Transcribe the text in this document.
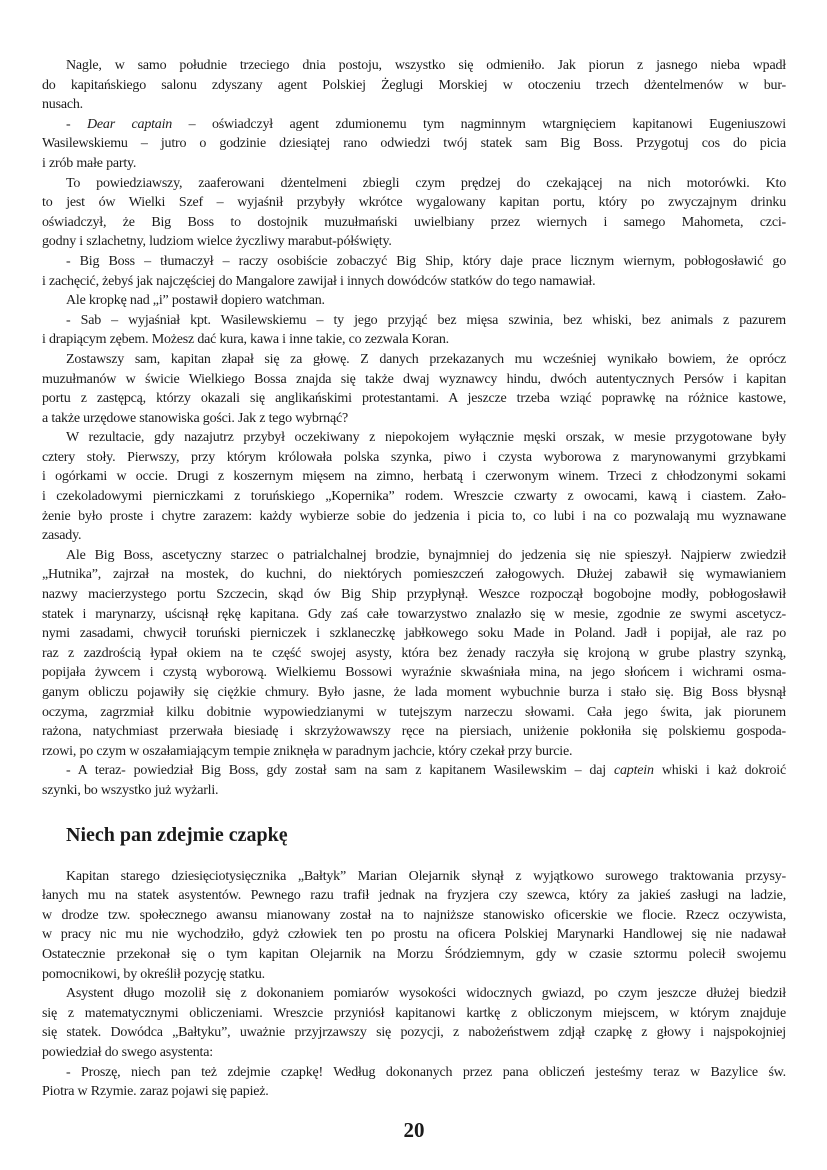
Nagle, w samo południe trzeciego dnia postoju, wszystko się odmieniło. Jak piorun z jasnego nieba wpadł
do kapitańskiego salonu zdyszany agent Polskiej Żeglugi Morskiej w otoczeniu trzech dżentelmenów w bur-
nusach.
- Dear captain – oświadczył agent zdumionemu tym nagminnym wtargnięciem kapitanowi Eugeniuszowi
Wasilewskiemu – jutro o godzinie dziesiątej rano odwiedzi twój statek sam Big Boss. Przygotuj cos do picia
i zrób małe party.
To powiedziawszy, zaaferowani dżentelmeni zbiegli czym prędzej do czekającej na nich motorówki. Kto
to jest ów Wielki Szef – wyjaśnił przybyły wkrótce wygalowany kapitan portu, który po zwyczajnym drinku
oświadczył, że Big Boss to dostojnik muzułmański uwielbiany przez wiernych i samego Mahometa, czci-
godny i szlachetny, ludziom wielce życzliwy marabut-półświęty.
- Big Boss – tłumaczył – raczy osobiście zobaczyć Big Ship, który daje prace licznym wiernym, pobłogosławić go
i zachęcić, żebyś jak najczęściej do Mangalore zawijał i innych dowódców statków do tego namawiał.
Ale kropkę nad „i” postawił dopiero watchman.
- Sab – wyjaśniał kpt. Wasilewskiemu – ty jego przyjąć bez mięsa szwinia, bez whiski, bez animals z pazurem
i drapiącym zębem. Możesz dać kura, kawa i inne takie, co zezwala Koran.
Zostawszy sam, kapitan złapał się za głowę. Z danych przekazanych mu wcześniej wynikało bowiem, że oprócz
muzułmanów w świcie Wielkiego Bossa znajda się także dwaj wyznawcy hindu, dwóch autentycznych Persów i kapitan
portu z zastępcą, którzy okazali się anglikańskimi protestantami. A jeszcze trzeba wziąć poprawkę na różnice kastowe,
a także urzędowe stanowiska gości. Jak z tego wybrnąć?
W rezultacie, gdy nazajutrz przybył oczekiwany z niepokojem wyłącznie męski orszak, w mesie przygotowane były
cztery stoły. Pierwszy, przy którym królowała polska szynka, piwo i czysta wyborowa z marynowanymi grzybkami
i ogórkami w occie. Drugi z koszernym mięsem na zimno, herbatą i czerwonym winem. Trzeci z chłodzonymi sokami
i czekoladowymi pierniczkami z toruńskiego „Kopernika” rodem. Wreszcie czwarty z owocami, kawą i ciastem. Zało-
żenie było proste i chytre zarazem: każdy wybierze sobie do jedzenia i picia to, co lubi i na co pozwalają mu wyznawane
zasady.
Ale Big Boss, ascetyczny starzec o patrialchalnej brodzie, bynajmniej do jedzenia się nie spieszył. Najpierw zwiedził
„Hutnika”, zajrzał na mostek, do kuchni, do niektórych pomieszczeń załogowych. Dłużej zabawił się wymawianiem
nazwy macierzystego portu Szczecin, skąd ów Big Ship przypłynął. Weszce rozpoczął bogobojne modły, pobłogosławił
statek i marynarzy, uścisnął rękę kapitana. Gdy zaś całe towarzystwo znalazło się w mesie, zgodnie ze swymi ascetycz-
nymi zasadami, chwycił toruński pierniczek i szklaneczkę jabłkowego soku Made in Poland. Jadł i popijał, ale raz po
raz z zazdrością łypał okiem na te część swojej asysty, która bez żenady raczyła się krojoną w grube plastry szynką,
popijała żywcem i czystą wyborową. Wielkiemu Bossowi wyraźnie skwaśniała mina, na jego słońcem i wichrami osma-
ganym obliczu pojawiły się ciężkie chmury. Było jasne, że lada moment wybuchnie burza i stało się. Big Boss błysnął
oczyma, zagrzmiał kilku dobitnie wypowiedzianymi w tutejszym narzeczu słowami. Cała jego świta, jak piorunem
rażona, natychmiast przerwała biesiadę i skrzyżowawszy ręce na piersiach, uniżenie pokłoniła się polskiemu gospoda-
rzowi, po czym w oszałamiającym tempie zniknęła w paradnym jachcie, który czekał przy burcie.
- A teraz- powiedział Big Boss, gdy został sam na sam z kapitanem Wasilewskim – daj captein whiski i każ dokroić
szynki, bo wszystko już wyżarli.
Niech pan zdejmie czapkę
Kapitan starego dziesięciotysięcznika „Bałtyk” Marian Olejarnik słynął z wyjątkowo surowego traktowania przysy-
łanych mu na statek asystentów. Pewnego razu trafił jednak na fryzjera czy szewca, który za jakieś zasługi na ladzie,
w drodze tzw. społecznego awansu mianowany został na to najniższe stanowisko oficerskie we flocie. Rzecz oczywista,
w pracy nic mu nie wychodziło, gdyż człowiek ten po prostu na oficera Polskiej Marynarki Handlowej się nie nadawał
Ostatecznie przekonał się o tym kapitan Olejarnik na Morzu Śródziemnym, gdy w czasie sztormu polecił swojemu
pomocnikowi, by określił pozycję statku.
Asystent długo mozolił się z dokonaniem pomiarów wysokości widocznych gwiazd, po czym jeszcze dłużej biedził
się z matematycznymi obliczeniami. Wreszcie przyniósł kapitanowi kartkę z obliczonym miejscem, w którym znajduje
się statek. Dowódca „Bałtyku”, uważnie przyjrzawszy się pozycji, z nabożeństwem zdjął czapkę z głowy i najspokojniej
powiedział do swego asystenta:
- Proszę, niech pan też zdejmie czapkę! Według dokonanych przez pana obliczeń jesteśmy teraz w Bazylice św.
Piotra w Rzymie. zaraz pojawi się papież.
20
